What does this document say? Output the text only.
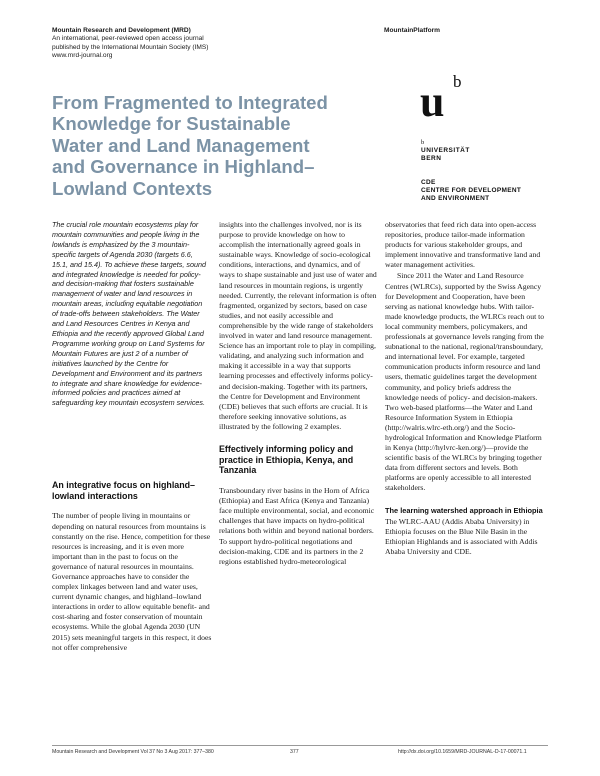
Mountain Research and Development (MRD)
An international, peer-reviewed open access journal
published by the International Mountain Society (IMS)
www.mrd-journal.org
MountainPlatform
From Fragmented to Integrated
Knowledge for Sustainable
Water and Land Management
and Governance in Highland–
Lowland Contexts
u b
b
UNIVERSITÄT
BERN
CDE
CENTRE FOR DEVELOPMENT
AND ENVIRONMENT

The crucial role mountain ecosystems play for mountain communities and people living in the lowlands is emphasized by the 3 mountain-specific targets of Agenda 2030 (targets 6.6, 15.1, and 15.4). To achieve these targets, sound and integrated knowledge is needed for policy- and decision-making that fosters sustainable management of water and land resources in mountain areas, including equitable negotiation of trade-offs between stakeholders. The Water and Land Resources Centres in Kenya and Ethiopia and the recently approved Global Land Programme working group on Land Systems for Mountain Futures are just 2 of a number of initiatives launched by the Centre for Development and Environment and its partners to integrate and share knowledge for evidence-informed policies and practices aimed at safeguarding key mountain ecosystem services.

An integrative focus on highland–lowland interactions

The number of people living in mountains or depending on natural resources from mountains is constantly on the rise. Hence, competition for these resources is increasing, and it is even more important than in the past to focus on the governance of natural resources in mountains. Governance approaches have to consider the complex linkages between land and water uses, current dynamic changes, and highland–lowland interactions in order to allow equitable benefit- and cost-sharing and foster conservation of mountain ecosystems. While the global Agenda 2030 (UN 2015) sets meaningful targets in this respect, it does not offer comprehensive

insights into the challenges involved, nor is its purpose to provide knowledge on how to accomplish the internationally agreed goals in sustainable ways. Knowledge of socio-ecological conditions, interactions, and dynamics, and of ways to shape sustainable and just use of water and land resources in mountain regions, is urgently needed. Currently, the relevant information is often fragmented, organized by sectors, based on case studies, and not easily accessible and comprehensible by the wide range of stakeholders involved in water and land resource management. Science has an important role to play in compiling, validating, and analyzing such information and making it accessible in a way that supports learning processes and effectively informs policy- and decision-making. Together with its partners, the Centre for Development and Environment (CDE) believes that such efforts are crucial. It is therefore seeking innovative solutions, as illustrated by the following 2 examples.

Effectively informing policy and practice in Ethiopia, Kenya, and Tanzania

Transboundary river basins in the Horn of Africa (Ethiopia) and East Africa (Kenya and Tanzania) face multiple environmental, social, and economic challenges that have impacts on hydro-political relations both within and beyond national borders. To support hydro-political negotiations and decision-making, CDE and its partners in the 2 regions established hydro-meteorological

observatories that feed rich data into open-access repositories, produce tailor-made information products for various stakeholder groups, and implement innovative and transformative land and water management activities.

Since 2011 the Water and Land Resource Centres (WLRCs), supported by the Swiss Agency for Development and Cooperation, have been serving as national knowledge hubs. With tailor-made knowledge products, the WLRCs reach out to local community members, policymakers, and professionals at governance levels ranging from the subnational to the national, regional/transboundary, and international level. For example, targeted communication products inform resource and land users, thematic guidelines target the development community, and policy briefs address the knowledge needs of policy- and decision-makers. Two web-based platforms—the Water and Land Resource Information System in Ethiopia (http://walris.wlrc-eth.org/) and the Socio-hydrological Information and Knowledge Platform in Kenya (http://hylvrc-ken.org/)—provide the scientific basis of the WLRCs by bringing together data from different sectors and levels. Both platforms are openly accessible to all interested stakeholders.

The learning watershed approach in Ethiopia

The WLRC-AAU (Addis Ababa University) in Ethiopia focuses on the Blue Nile Basin in the Ethiopian Highlands and is associated with Addis Ababa University and CDE.

Mountain Research and Development Vol 37 No 3 Aug 2017: 377–380	377	http://dx.doi.org/10.1659/MRD-JOURNAL-D-17-00071.1
